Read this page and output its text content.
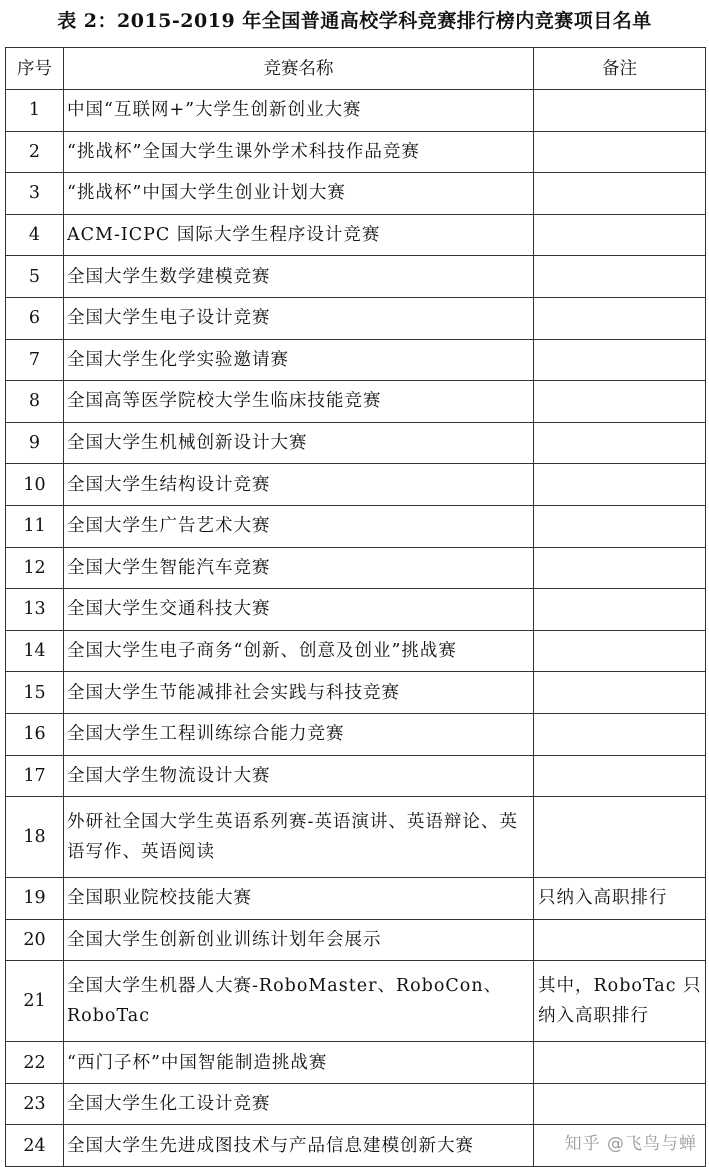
表 2：2015-2019 年全国普通高校学科竞赛排行榜内竞赛项目名单
序号	竞赛名称	备注
1	中国“互联网+”大学生创新创业大赛	
2	“挑战杯”全国大学生课外学术科技作品竞赛	
3	“挑战杯”中国大学生创业计划大赛	
4	ACM-ICPC 国际大学生程序设计竞赛	
5	全国大学生数学建模竞赛	
6	全国大学生电子设计竞赛	
7	全国大学生化学实验邀请赛	
8	全国高等医学院校大学生临床技能竞赛	
9	全国大学生机械创新设计大赛	
10	全国大学生结构设计竞赛	
11	全国大学生广告艺术大赛	
12	全国大学生智能汽车竞赛	
13	全国大学生交通科技大赛	
14	全国大学生电子商务“创新、创意及创业”挑战赛	
15	全国大学生节能减排社会实践与科技竞赛	
16	全国大学生工程训练综合能力竞赛	
17	全国大学生物流设计大赛	
18	外研社全国大学生英语系列赛-英语演讲、英语辩论、英语写作、英语阅读	
19	全国职业院校技能大赛	只纳入高职排行
20	全国大学生创新创业训练计划年会展示	
21	全国大学生机器人大赛-RoboMaster、RoboCon、RoboTac	其中，RoboTac 只纳入高职排行
22	“西门子杯”中国智能制造挑战赛	
23	全国大学生化工设计竞赛	
24	全国大学生先进成图技术与产品信息建模创新大赛		知乎 @飞鸟与蝉
